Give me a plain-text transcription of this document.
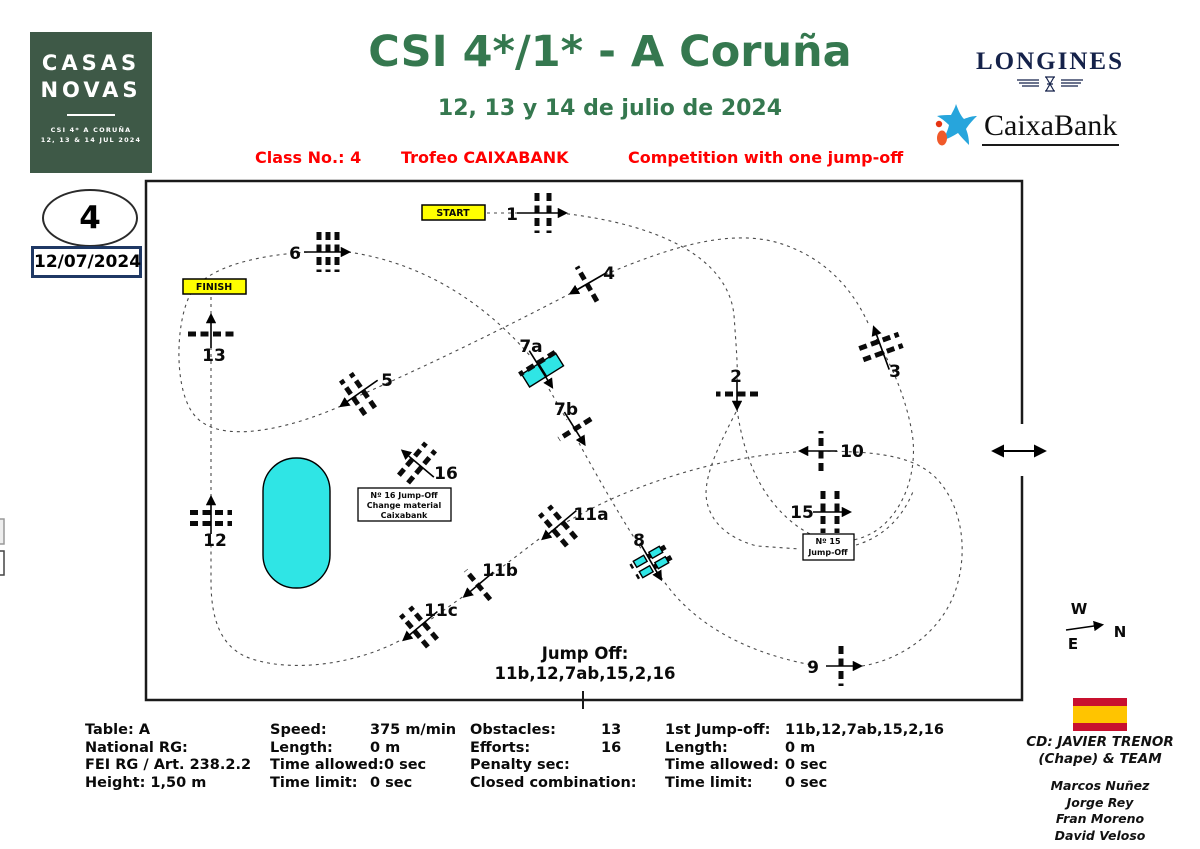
CASAS
NOVAS
CSI 4* A CORUÑA
12, 13 & 14 JUL 2024
CSI 4*/1* - A Coruña
12, 13 y 14 de julio de 2024
Class No.: 4 Trofeo CAIXABANK	Competition with one jump-off
LONGINES
CaixaBank
4
12/07/2024
START
FINISH
1
2	3
4
5
6
7a
7b
8
9
10
11a
11b
11c
12
13
15
16
Nº 16 Jump-Off
Change material
Caixabank
Nº 15
Jump-Off
W
E
N
Jump Off:
11b,12,7ab,15,2,16
Table: A
National RG:
FEI RG / Art. 238.2.2
Height: 1,50 m
Speed:	375 m/min
Length:	0 m
Time allowed: 0 sec
Time limit: 0 sec
Obstacles:	13
Efforts:	16
Penalty sec:
Closed combination:
1st Jump-off:	11b,12,7ab,15,2,16
Length:	0 m
Time allowed: 0 sec
Time limit:	0 sec
CD: JAVIER TRENOR
(Chape) & TEAM
Marcos Nuñez
Jorge Rey
Fran Moreno
David Veloso
